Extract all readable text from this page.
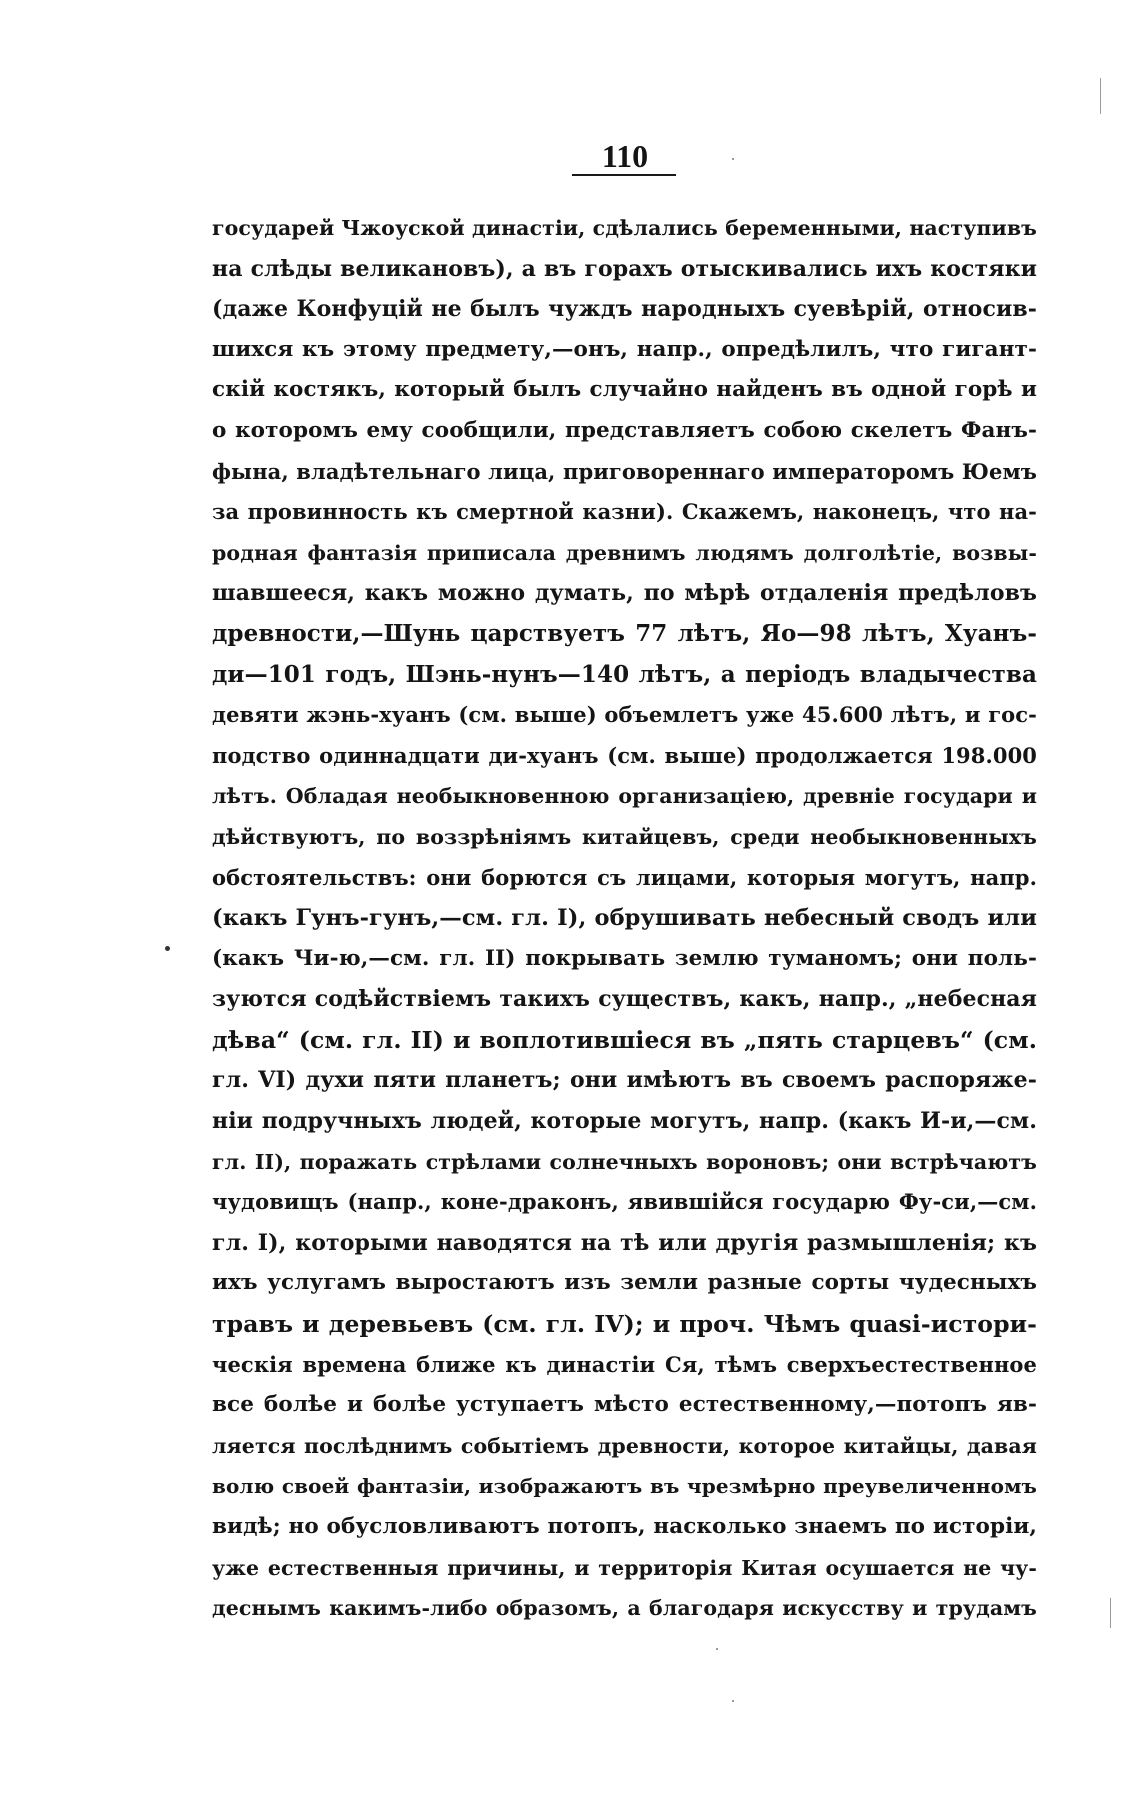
110
государей Чжоуской династіи, сдѣлались беременными, наступивъ
на слѣды великановъ), а въ горахъ отыскивались ихъ костяки
(даже Конфуцій не былъ чуждъ народныхъ суевѣрій, относив-
шихся къ этому предмету,—онъ, напр., опредѣлилъ, что гигант-
скій костякъ, который былъ случайно найденъ въ одной горѣ и
о которомъ ему сообщили, представляетъ собою скелетъ Фанъ-
фына, владѣтельнаго лица, приговореннаго императоромъ Юемъ
за провинность къ смертной казни). Скажемъ, наконецъ, что на-
родная фантазія приписала древнимъ людямъ долголѣтіе, возвы-
шавшееся, какъ можно думать, по мѣрѣ отдаленія предѣловъ
древности,—Шунь царствуетъ 77 лѣтъ, Яо—98 лѣтъ, Хуанъ-
ди—101 годъ, Шэнь-нунъ—140 лѣтъ, а періодъ владычества
девяти жэнь-хуанъ (см. выше) объемлетъ уже 45.600 лѣтъ, и гос-
подство одиннадцати ди-хуанъ (см. выше) продолжается 198.000
лѣтъ. Обладая необыкновенною организаціею, древніе государи и
дѣйствуютъ, по воззрѣніямъ китайцевъ, среди необыкновенныхъ
обстоятельствъ: они борются съ лицами, которыя могутъ, напр.
(какъ Гунъ-гунъ,—см. гл. I), обрушивать небесный сводъ или
(какъ Чи-ю,—см. гл. II) покрывать землю туманомъ; они поль-
зуются содѣйствіемъ такихъ существъ, какъ, напр., „небесная
дѣва“ (см. гл. II) и воплотившіеся въ „пять старцевъ“ (см.
гл. VI) духи пяти планетъ; они имѣютъ въ своемъ распоряже-
ніи подручныхъ людей, которые могутъ, напр. (какъ И-и,—см.
гл. II), поражать стрѣлами солнечныхъ вороновъ; они встрѣчаютъ
чудовищъ (напр., коне-драконъ, явившійся государю Фу-си,—см.
гл. I), которыми наводятся на тѣ или другія размышленія; къ
ихъ услугамъ выростаютъ изъ земли разные сорты чудесныхъ
травъ и деревьевъ (см. гл. IV); и проч. Чѣмъ quasi-истори-
ческія времена ближе къ династіи Ся, тѣмъ сверхъестественное
все болѣе и болѣе уступаетъ мѣсто естественному,—потопъ яв-
ляется послѣднимъ событіемъ древности, которое китайцы, давая
волю своей фантазіи, изображаютъ въ чрезмѣрно преувеличенномъ
видѣ; но обусловливаютъ потопъ, насколько знаемъ по исторіи,
уже естественныя причины, и территорія Китая осушается не чу-
деснымъ какимъ-либо образомъ, а благодаря искусству и трудамъ
